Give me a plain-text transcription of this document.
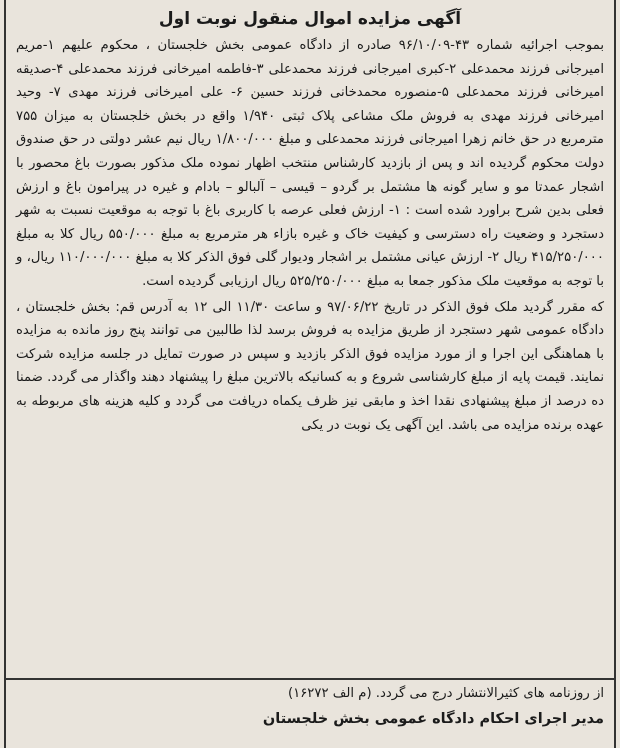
آگهی مزایده اموال منقول نوبت اول

بموجب اجرائیه شماره ۴۳-۹۶/۱۰/۰۹ صادره از دادگاه عمومی بخش خلجستان ، محکوم علیهم ۱-مریم امیرجانی فرزند محمدعلی ۲-کبری امیرجانی فرزند محمدعلی ۳-فاطمه امیرخانی فرزند محمدعلی ۴-صدیقه امیرخانی فرزند محمدعلی ۵-منصوره محمدخانی فرزند حسین ۶- علی امیرخانی فرزند مهدی ۷- وحید امیرخانی فرزند مهدی به فروش ملک مشاعی پلاک ثبتی ۱/۹۴۰ واقع در بخش خلجستان به میزان ۷۵۵ مترمربع در حق خانم زهرا امیرجانی فرزند محمدعلی و مبلغ ۱/۸۰۰/۰۰۰ ریال نیم عشر دولتی در حق صندوق دولت محکوم گردیده اند و پس از بازدید کارشناس منتخب اظهار نموده ملک مذکور بصورت باغ محصور با اشجار عمدتا مو و سایر گونه ها مشتمل بر گردو – قیسی – آلبالو – بادام و غیره در پیرامون باغ و ارزش فعلی بدین شرح براورد شده است : ۱- ارزش فعلی عرصه با کاربری باغ با توجه به موقعیت نسبت به شهر دستجرد و وضعیت راه دسترسی و کیفیت خاک و غیره بازاء هر مترمربع به مبلغ ۵۵۰/۰۰۰ ریال کلا به مبلغ ۴۱۵/۲۵۰/۰۰۰ ریال ۲- ارزش عیانی مشتمل بر اشجار ودیوار گلی فوق الذکر کلا به مبلغ ۱۱۰/۰۰۰/۰۰۰ ریال، و با توجه به موقعیت ملک مذکور جمعا به مبلغ ۵۲۵/۲۵۰/۰۰۰ ریال ارزیابی گردیده است.

که مقرر گردید ملک فوق الذکر در تاریخ ۹۷/۰۶/۲۲ و ساعت ۱۱/۳۰ الی ۱۲ به آدرس قم: بخش خلجستان ، دادگاه عمومی شهر دستجرد از طریق مزایده به فروش برسد لذا طالبین می توانند پنج روز مانده به مزایده با هماهنگی این اجرا و از مورد مزایده فوق الذکر بازدید و سپس در صورت تمایل در جلسه مزایده شرکت نمایند. قیمت پایه از مبلغ کارشناسی شروع و به کسانیکه بالاترین مبلغ را پیشنهاد دهند واگذار می گردد. ضمنا ده درصد از مبلغ پیشنهادی نقدا اخذ و مابقی نیز ظرف یکماه دریافت می گردد و کلیه هزینه های مربوطه به عهده برنده مزایده می باشد. این آگهی یک نوبت در یکی

از روزنامه های کثیرالانتشار درج می گردد. (م الف ۱۶۲۷۲)

مدیر اجرای احکام دادگاه عمومی بخش خلجستان
